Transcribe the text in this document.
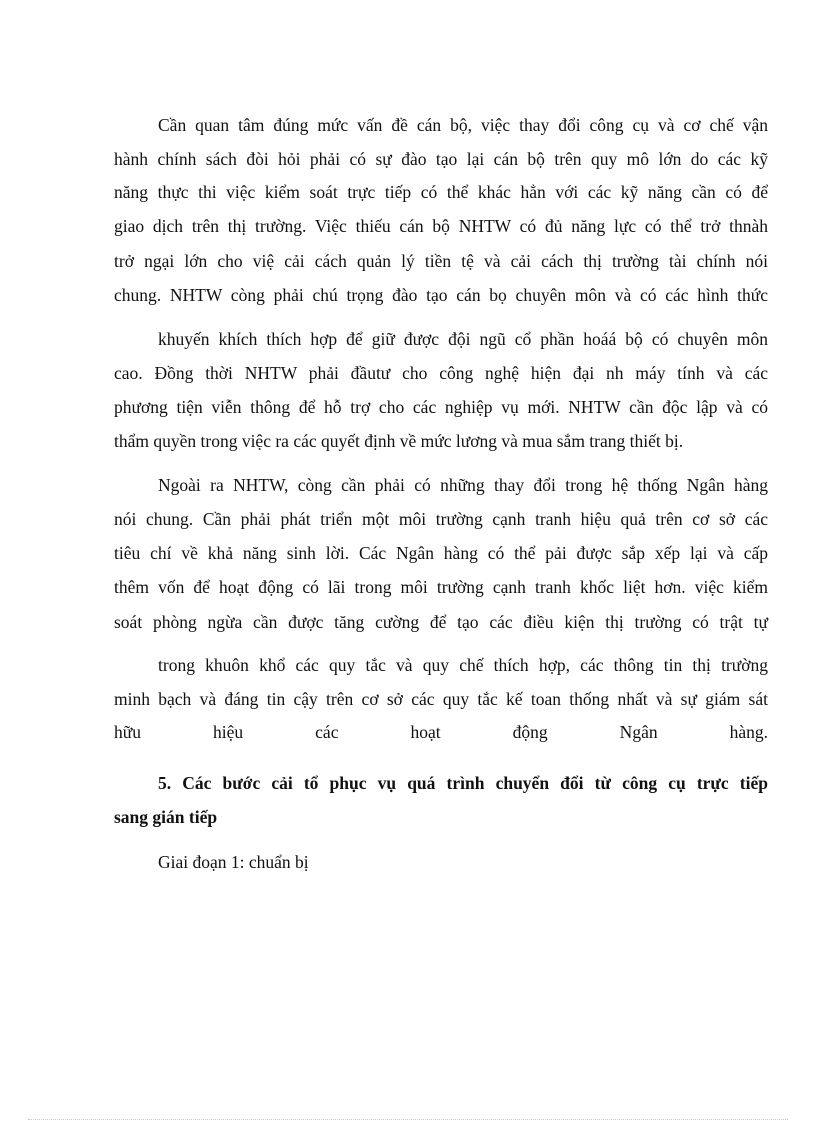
Cần quan tâm đúng mức vấn đề cán bộ, việc thay đổi công cụ và cơ chế vận
hành chính sách đòi hỏi phải có sự đào tạo lại cán bộ trên quy mô lớn do các kỹ
năng thực thi việc kiểm soát trực tiếp có thể khác hẳn với các kỹ năng cần có để
giao dịch trên thị trường. Việc thiếu cán bộ NHTW có đủ năng lực có thể trở thnàh
trở ngại lớn cho việ cải cách quản lý tiền tệ và cải cách thị trường tài chính nói
chung. NHTW còng phải chú trọng đào tạo cán bọ chuyên môn và có các hình thức
khuyến khích thích hợp để giữ được đội ngũ cổ phần hoáá bộ có chuyên môn
cao. Đồng thời NHTW phải đầutư cho công nghệ hiện đại nh máy tính và các
phương tiện viễn thông để hỗ trợ cho các nghiệp vụ mới. NHTW cần độc lập và có
thẩm quyền trong việc ra các quyết định về mức lương và mua sắm trang thiết bị.
Ngoài ra NHTW, còng cần phải có những thay đổi trong hệ thống Ngân hàng
nói chung. Cần phải phát triển một môi trường cạnh tranh hiệu quả trên cơ sở các
tiêu chí về khả năng sinh lời. Các Ngân hàng có thể pải được sắp xếp lại và cấp
thêm vốn để hoạt động có lãi trong môi trường cạnh tranh khốc liệt hơn. việc kiểm
soát phòng ngừa cần được tăng cường để tạo các điều kiện thị trường có trật tự
trong khuôn khổ các quy tắc và quy chế thích hợp, các thông tin thị trường
minh bạch và đáng tin cậy trên cơ sở các quy tắc kế toan thống nhất và sự giám sát
hữu hiệu các hoạt động Ngân hàng.
5. Các bước cải tổ phục vụ quá trình chuyển đổi từ công cụ trực tiếp
sang gián tiếp
Giai đoạn 1: chuẩn bị
